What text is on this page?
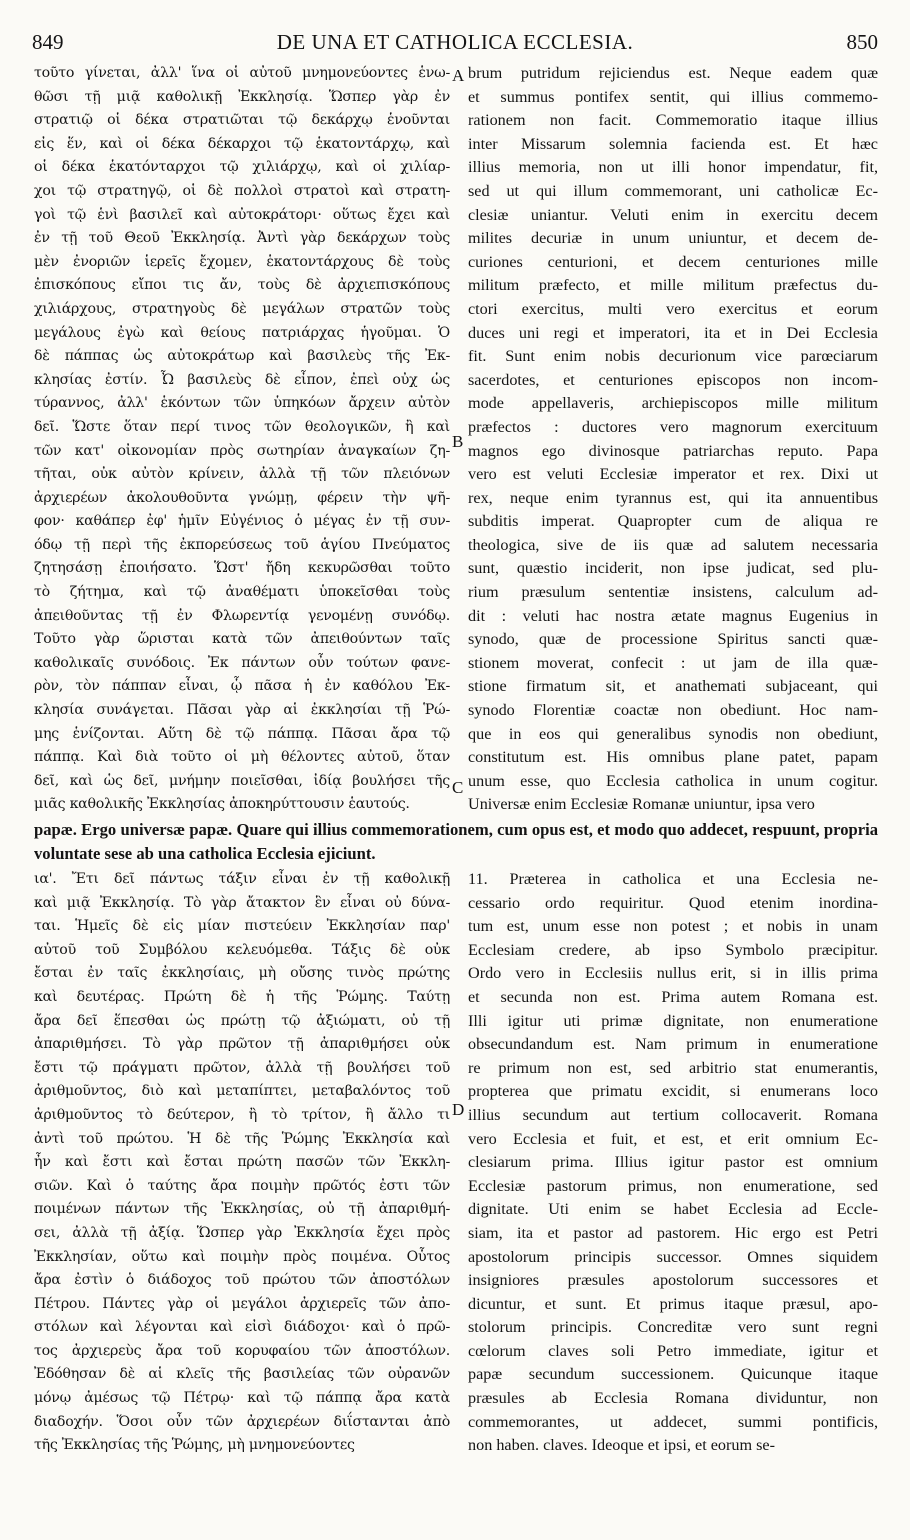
849	DE UNA ET CATHOLICA ECCLESIA.	850
τοῦτο γίνεται, ἀλλ' ἵνα οἱ αὐτοῦ μνημονεύοντες ἑνω-
θῶσι τῇ μιᾷ καθολικῇ Ἐκκλησίᾳ. Ὥσπερ γὰρ ἐν
στρατιῷ οἱ δέκα στρατιῶται τῷ δεκάρχῳ ἑνοῦνται
εἰς ἕν, καὶ οἱ δέκα δέκαρχοι τῷ ἑκατοντάρχῳ, καὶ
οἱ δέκα ἑκατόνταρχοι τῷ χιλιάρχῳ, καὶ οἱ χιλίαρ-
χοι τῷ στρατηγῷ, οἱ δὲ πολλοὶ στρατοὶ καὶ στρατη-
γοὶ τῷ ἑνὶ βασιλεῖ καὶ αὐτοκράτορι· οὕτως ἔχει καὶ
ἐν τῇ τοῦ Θεοῦ Ἐκκλησίᾳ. Ἀντὶ γὰρ δεκάρχων τοὺς
μὲν ἐνοριῶν ἱερεῖς ἔχομεν, ἑκατοντάρχους δὲ τοὺς
ἐπισκόπους εἴποι τις ἄν, τοὺς δὲ ἀρχιεπισκόπους
χιλιάρχους, στρατηγοὺς δὲ μεγάλων στρατῶν τοὺς
μεγάλους ἐγὼ καὶ θείους πατριάρχας ἡγοῦμαι. Ὁ
δὲ πάππας ὡς αὐτοκράτωρ καὶ βασιλεὺς τῆς Ἐκ-
κλησίας ἐστίν. Ὦ βασιλεὺς δὲ εἶπον, ἐπεὶ οὐχ ὡς
τύραννος, ἀλλ' ἑκόντων τῶν ὑπηκόων ἄρχειν αὐτὸν
δεῖ. Ὥστε ὅταν περί τινος τῶν θεολογικῶν, ἢ καὶ
τῶν κατ' οἰκονομίαν πρὸς σωτηρίαν ἀναγκαίων ζη-
τῆται, οὐκ αὐτὸν κρίνειν, ἀλλὰ τῇ τῶν πλειόνων
ἀρχιερέων ἀκολουθοῦντα γνώμῃ, φέρειν τὴν ψῆ-
φον· καθάπερ ἐφ' ἡμῖν Εὐγένιος ὁ μέγας ἐν τῇ συν-
όδῳ τῇ περὶ τῆς ἐκπορεύσεως τοῦ ἁγίου Πνεύματος
ζητησάσῃ ἐποιήσατο. Ὥστ' ἤδη κεκυρῶσθαι τοῦτο
τὸ ζήτημα, καὶ τῷ ἀναθέματι ὑποκεῖσθαι τοὺς
ἀπειθοῦντας τῇ ἐν Φλωρεντίᾳ γενομένῃ συνόδῳ.
Τοῦτο γὰρ ὥρισται κατὰ τῶν ἀπειθούντων ταῖς
καθολικαῖς συνόδοις. Ἐκ πάντων οὖν τούτων φανε-
ρὸν, τὸν πάππαν εἶναι, ᾧ πᾶσα ἡ ἐν καθόλου Ἐκ-
κλησία συνάγεται. Πᾶσαι γὰρ αἱ ἐκκλησίαι τῇ Ῥώ-
μης ἑνίζονται. Αὕτη δὲ τῷ πάππᾳ. Πᾶσαι ἄρα τῷ
πάππᾳ. Καὶ διὰ τοῦτο οἱ μὴ θέλοντες αὐτοῦ, ὅταν
δεῖ, καὶ ὡς δεῖ, μνήμην ποιεῖσθαι, ἰδίᾳ βουλήσει τῆς
μιᾶς καθολικῆς Ἐκκλησίας ἀποκηρύττουσιν ἑαυτούς.
brum putridum rejiciendus est. Neque eadem quæ
et summus pontifex sentit, qui illius commemo-
rationem non facit. Commemoratio itaque illius
inter Missarum solemnia facienda est. Et hæc
illius memoria, non ut illi honor impendatur, fit,
sed ut qui illum commemorant, uni catholicæ Ec-
clesiæ uniantur. Veluti enim in exercitu decem
milites decuriæ in unum uniuntur, et decem de-
curiones centurioni, et decem centuriones mille
militum præfecto, et mille militum præfectus du-
ctori exercitus, multi vero exercitus et eorum
duces uni regi et imperatori, ita et in Dei Ecclesia
fit. Sunt enim nobis decurionum vice parœciarum
sacerdotes, et centuriones episcopos non incom-
mode appellaveris, archiepiscopos mille militum
præfectos : ductores vero magnorum exercituum
magnos ego divinosque patriarchas reputo. Papa
vero est veluti Ecclesiæ imperator et rex. Dixi ut
rex, neque enim tyrannus est, qui ita annuentibus
subditis imperat. Quapropter cum de aliqua re
theologica, sive de iis quæ ad salutem necessaria
sunt, quæstio inciderit, non ipse judicat, sed plu-
rium præsulum sententiæ insistens, calculum ad-
dit : veluti hac nostra ætate magnus Eugenius in
synodo, quæ de processione Spiritus sancti quæ-
stionem moverat, confecit : ut jam de illa quæ-
stione firmatum sit, et anathemati subjaceant, qui
synodo Florentiæ coactæ non obediunt. Hoc nam-
que in eos qui generalibus synodis non obediunt,
constitutum est. His omnibus plane patet, papam
unum esse, quo Ecclesia catholica in unum cogitur.
Universæ enim Ecclesiæ Romanæ uniuntur, ipsa vero
papæ. Ergo universæ papæ. Quare qui illius commemorationem, cum opus est, et modo quo addecet, respuunt, propria voluntate sese ab una catholica Ecclesia ejiciunt.
ια'. Ἔτι δεῖ πάντως τάξιν εἶναι ἐν τῇ καθολικῇ
καὶ μιᾷ Ἐκκλησίᾳ. Τὸ γὰρ ἄτακτον ἓν εἶναι οὐ δύνα-
ται. Ἡμεῖς δὲ εἰς μίαν πιστεύειν Ἐκκλησίαν παρ'
αὐτοῦ τοῦ Συμβόλου κελευόμεθα. Τάξις δὲ οὐκ
ἔσται ἐν ταῖς ἐκκλησίαις, μὴ οὔσης τινὸς πρώτης
καὶ δευτέρας. Πρώτη δὲ ἡ τῆς Ῥώμης. Ταύτῃ
ἄρα δεῖ ἕπεσθαι ὡς πρώτῃ τῷ ἀξιώματι, οὐ τῇ
ἀπαριθμήσει. Τὸ γὰρ πρῶτον τῇ ἀπαριθμήσει οὐκ
ἔστι τῷ πράγματι πρῶτον, ἀλλὰ τῇ βουλήσει τοῦ
ἀριθμοῦντος, διὸ καὶ μεταπίπτει, μεταβαλόντος τοῦ
ἀριθμοῦντος τὸ δεύτερον, ἢ τὸ τρίτον, ἢ ἄλλο τι
ἀντὶ τοῦ πρώτου. Ἡ δὲ τῆς Ῥώμης Ἐκκλησία καὶ
ἦν καὶ ἔστι καὶ ἔσται πρώτη πασῶν τῶν Ἐκκλη-
σιῶν. Καὶ ὁ ταύτης ἄρα ποιμὴν πρῶτός ἐστι τῶν
ποιμένων πάντων τῆς Ἐκκλησίας, οὐ τῇ ἀπαριθμή-
σει, ἀλλὰ τῇ ἀξίᾳ. Ὥσπερ γὰρ Ἐκκλησία ἔχει πρὸς
Ἐκκλησίαν, οὕτω καὶ ποιμὴν πρὸς ποιμένα. Οὗτος
ἄρα ἐστὶν ὁ διάδοχος τοῦ πρώτου τῶν ἀποστόλων
Πέτρου. Πάντες γὰρ οἱ μεγάλοι ἀρχιερεῖς τῶν ἀπο-
στόλων καὶ λέγονται καὶ εἰσὶ διάδοχοι· καὶ ὁ πρῶ-
τος ἀρχιερεὺς ἄρα τοῦ κορυφαίου τῶν ἀποστόλων.
Ἐδόθησαν δὲ αἱ κλεῖς τῆς βασιλείας τῶν οὐρανῶν
μόνῳ ἀμέσως τῷ Πέτρῳ· καὶ τῷ πάππᾳ ἄρα κατὰ
διαδοχήν. Ὅσοι οὖν τῶν ἀρχιερέων διΐστανται ἀπὸ
τῆς Ἐκκλησίας τῆς Ῥώμης, μὴ μνημονεύοντες
11. Præterea in catholica et una Ecclesia ne-
cessario ordo requiritur. Quod etenim inordina-
tum est, unum esse non potest ; et nobis in unam
Ecclesiam credere, ab ipso Symbolo præcipitur.
Ordo vero in Ecclesiis nullus erit, si in illis prima
et secunda non est. Prima autem Romana est.
Illi igitur uti primæ dignitate, non enumeratione
obsecundandum est. Nam primum in enumeratione
re primum non est, sed arbitrio stat enumerantis,
propterea que primatu excidit, si enumerans loco
illius secundum aut tertium collocaverit. Romana
vero Ecclesia et fuit, et est, et erit omnium Ec-
clesiarum prima. Illius igitur pastor est omnium
Ecclesiæ pastorum primus, non enumeratione, sed
dignitate. Uti enim se habet Ecclesia ad Eccle-
siam, ita et pastor ad pastorem. Hic ergo est Petri
apostolorum principis successor. Omnes siquidem
insigniores præsules apostolorum successores et
dicuntur, et sunt. Et primus itaque præsul, apo-
stolorum principis. Concreditæ vero sunt regni
cœlorum claves soli Petro immediate, igitur et
papæ secundum successionem. Quicunque itaque
præsules ab Ecclesia Romana dividuntur, non
commemorantes, ut addecet, summi pontificis,
non haben. claves. Ideoque et ipsi, et eorum se-
A
B
C
D
